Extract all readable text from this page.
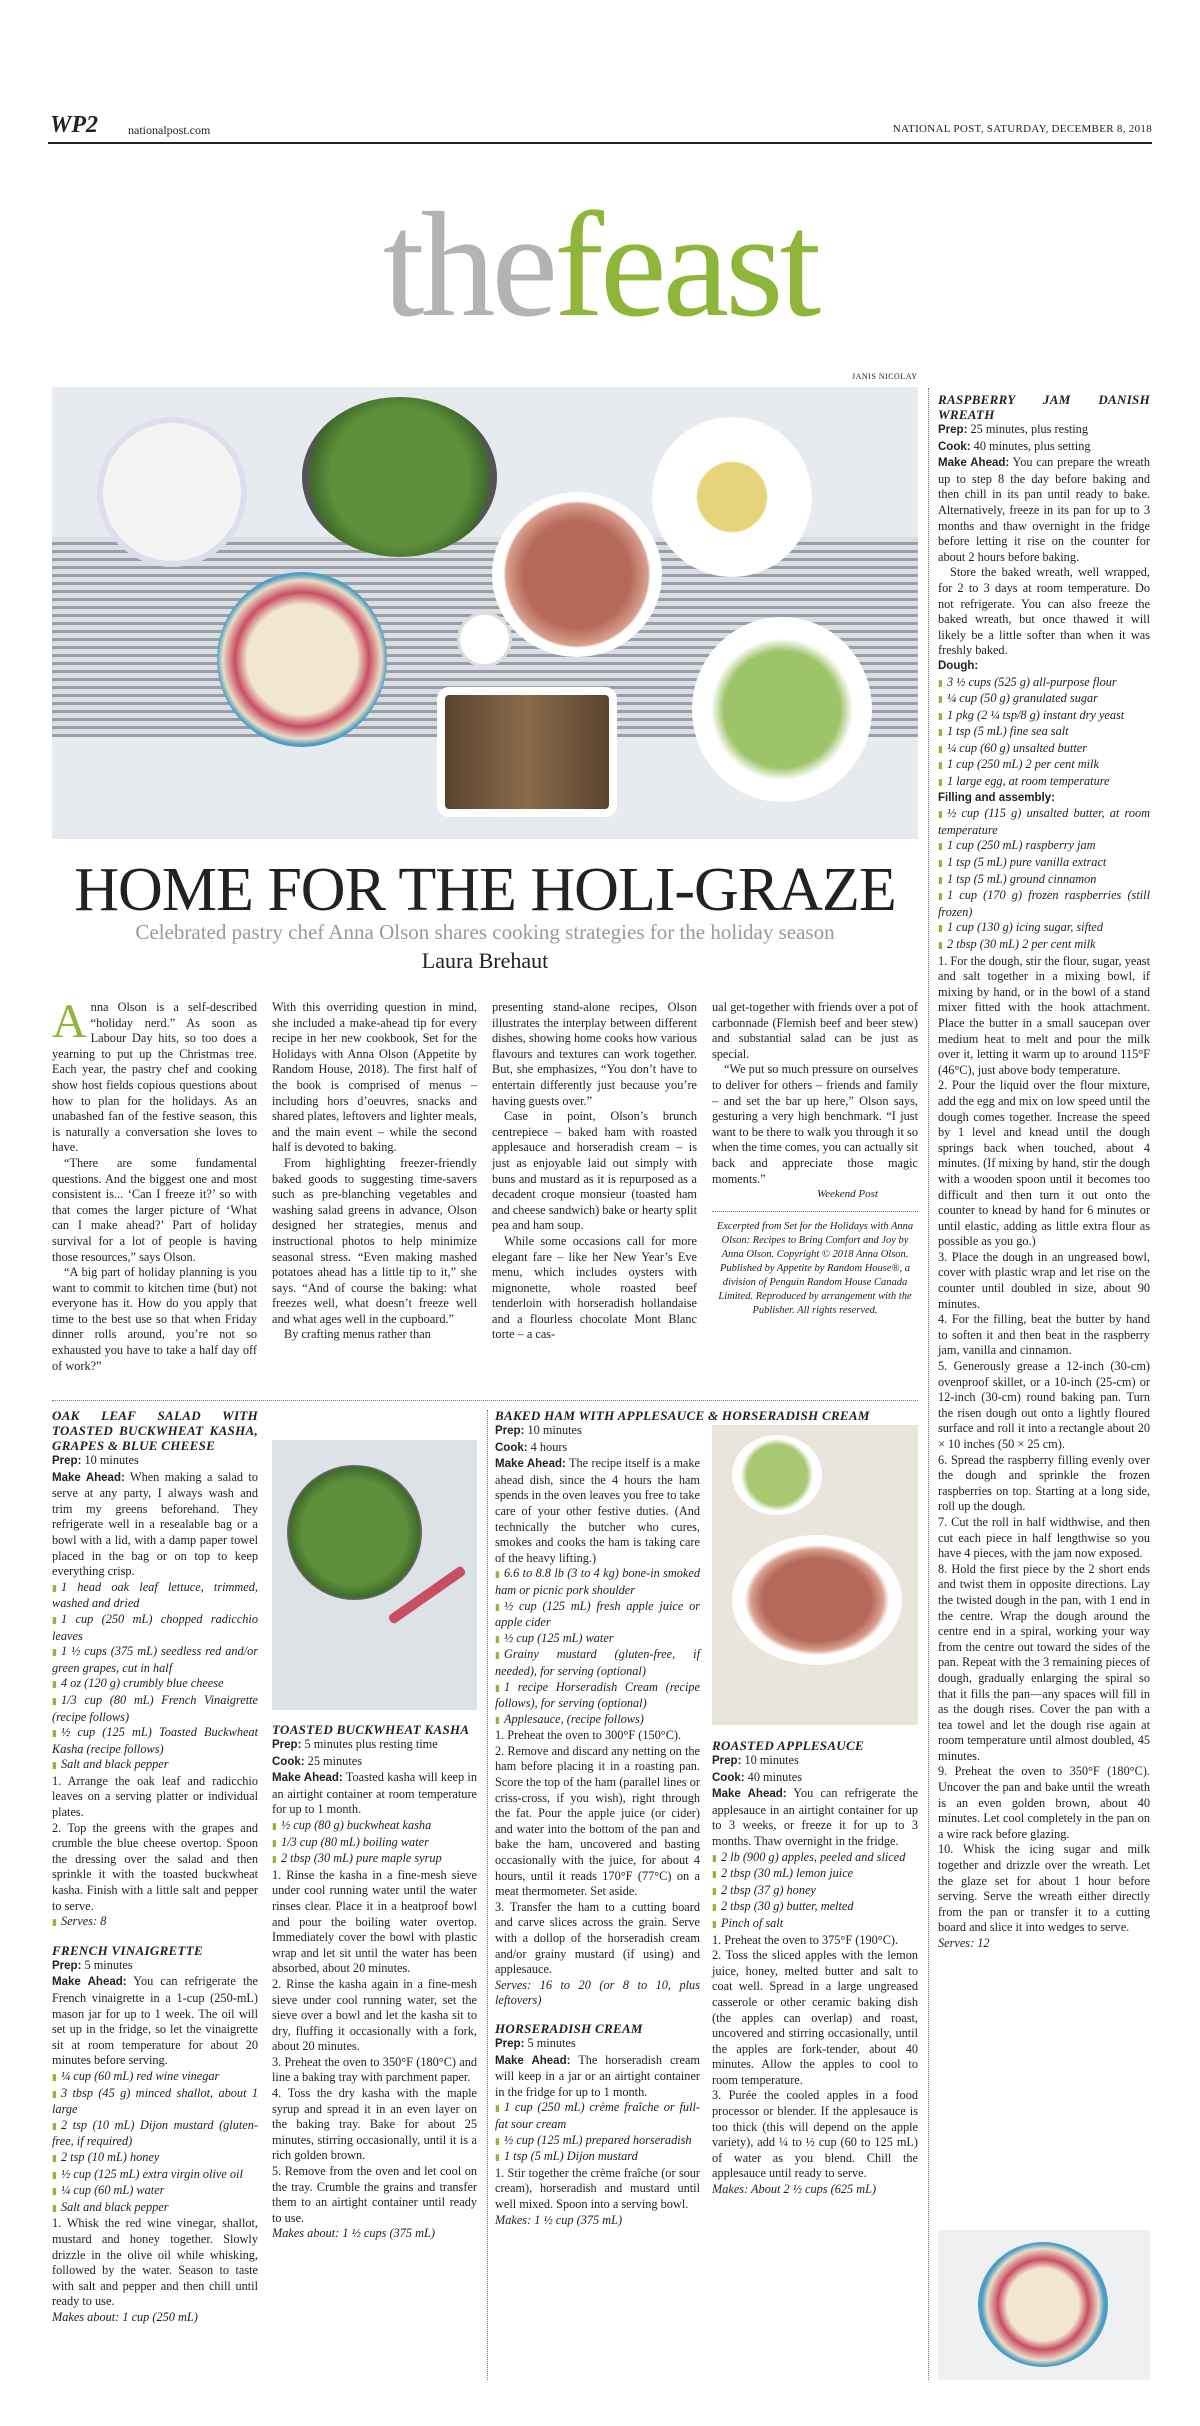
WP2	nationalpost.com	NATIONAL POST, SATURDAY, DECEMBER 8, 2018
thefeast
JANIS NICOLAY
HOME FOR THE HOLI-GRAZE
Celebrated pastry chef Anna Olson shares cooking strategies for the holiday season
Laura Brehaut

Anna Olson is a self-described “holiday nerd.” As soon as Labour Day hits, so too does a yearning to put up the Christmas tree. Each year, the pastry chef and cooking show host fields copious questions about how to plan for the holidays. As an unabashed fan of the festive season, this is naturally a conversation she loves to have.

“There are some fundamental questions. And the biggest one and most consistent is... ‘Can I freeze it?’ so with that comes the larger picture of ‘What can I make ahead?’ Part of holiday survival for a lot of people is having those resources,” says Olson.

“A big part of holiday planning is you want to commit to kitchen time (but) not everyone has it. How do you apply that time to the best use so that when Friday dinner rolls around, you’re not so exhausted you have to take a half day off of work?”

With this overriding question in mind, she included a make-ahead tip for every recipe in her new cookbook, Set for the Holidays with Anna Olson (Appetite by Random House, 2018). The first half of the book is comprised of menus – including hors d’oeuvres, snacks and shared plates, leftovers and lighter meals, and the main event – while the second half is devoted to baking.

From highlighting freezer-friendly baked goods to suggesting time-savers such as pre-blanching vegetables and washing salad greens in advance, Olson designed her strategies, menus and instructional photos to help minimize seasonal stress. “Even making mashed potatoes ahead has a little tip to it,” she says. “And of course the baking: what freezes well, what doesn’t freeze well and what ages well in the cupboard.”

By crafting menus rather than

presenting stand-alone recipes, Olson illustrates the interplay between different dishes, showing home cooks how various flavours and textures can work together. But, she emphasizes, “You don’t have to entertain differently just because you’re having guests over.”

Case in point, Olson’s brunch centrepiece – baked ham with roasted applesauce and horseradish cream – is just as enjoyable laid out simply with buns and mustard as it is repurposed as a decadent croque monsieur (toasted ham and cheese sandwich) bake or hearty split pea and ham soup.

While some occasions call for more elegant fare – like her New Year’s Eve menu, which includes oysters with mignonette, whole roasted beef tenderloin with horseradish hollandaise and a flourless chocolate Mont Blanc torte – a cas-

ual get-together with friends over a pot of carbonnade (Flemish beef and beer stew) and substantial salad can be just as special.

“We put so much pressure on ourselves to deliver for others – friends and family – and set the bar up here,” Olson says, gesturing a very high benchmark. “I just want to be there to walk you through it so when the time comes, you can actually sit back and appreciate those magic moments.”

Weekend Post

Excerpted from Set for the Holidays with Anna Olson: Recipes to Bring Comfort and Joy by Anna Olson. Copyright © 2018 Anna Olson. Published by Appetite by Random House®, a division of Penguin Random House Canada Limited. Reproduced by arrangement with the Publisher. All rights reserved.
OAK LEAF SALAD WITH TOASTED BUCKWHEAT KASHA, GRAPES & BLUE CHEESE
Prep: 10 minutes
Make Ahead: When making a salad to serve at any party, I always wash and trim my greens beforehand. They refrigerate well in a resealable bag or a bowl with a lid, with a damp paper towel placed in the bag or on top to keep everything crisp.
▮ 1 head oak leaf lettuce, trimmed, washed and dried
▮ 1 cup (250 mL) chopped radicchio leaves
▮ 1 ½ cups (375 mL) seedless red and/or green grapes, cut in half
▮ 4 oz (120 g) crumbly blue cheese
▮ 1/3 cup (80 mL) French Vinaigrette (recipe follows)
▮ ½ cup (125 mL) Toasted Buckwheat Kasha (recipe follows)
▮ Salt and black pepper
1. Arrange the oak leaf and radicchio leaves on a serving platter or individual plates.
2. Top the greens with the grapes and crumble the blue cheese overtop. Spoon the dressing over the salad and then sprinkle it with the toasted buckwheat kasha. Finish with a little salt and pepper to serve.
▮ Serves: 8
FRENCH VINAIGRETTE
Prep: 5 minutes
Make Ahead: You can refrigerate the French vinaigrette in a 1-cup (250-mL) mason jar for up to 1 week. The oil will set up in the fridge, so let the vinaigrette sit at room temperature for about 20 minutes before serving.
▮ ¼ cup (60 mL) red wine vinegar
▮ 3 tbsp (45 g) minced shallot, about 1 large
▮ 2 tsp (10 mL) Dijon mustard (gluten-free, if required)
▮ 2 tsp (10 mL) honey
▮ ½ cup (125 mL) extra virgin olive oil
▮ ¼ cup (60 mL) water
▮ Salt and black pepper
1. Whisk the red wine vinegar, shallot, mustard and honey together. Slowly drizzle in the olive oil while whisking, followed by the water. Season to taste with salt and pepper and then chill until ready to use.
Makes about: 1 cup (250 mL)
TOASTED BUCKWHEAT KASHA
Prep: 5 minutes plus resting time
Cook: 25 minutes
Make Ahead: Toasted kasha will keep in an airtight container at room temperature for up to 1 month.
▮ ½ cup (80 g) buckwheat kasha
▮ 1/3 cup (80 mL) boiling water
▮ 2 tbsp (30 mL) pure maple syrup
1. Rinse the kasha in a fine-mesh sieve under cool running water until the water rinses clear. Place it in a heatproof bowl and pour the boiling water overtop. Immediately cover the bowl with plastic wrap and let sit until the water has been absorbed, about 20 minutes.
2. Rinse the kasha again in a fine-mesh sieve under cool running water, set the sieve over a bowl and let the kasha sit to dry, fluffing it occasionally with a fork, about 20 minutes.
3. Preheat the oven to 350°F (180°C) and line a baking tray with parchment paper.
4. Toss the dry kasha with the maple syrup and spread it in an even layer on the baking tray. Bake for about 25 minutes, stirring occasionally, until it is a rich golden brown.
5. Remove from the oven and let cool on the tray. Crumble the grains and transfer them to an airtight container until ready to use.
Makes about: 1 ½ cups (375 mL)
BAKED HAM WITH APPLESAUCE & HORSERADISH CREAM
Prep: 10 minutes
Cook: 4 hours
Make Ahead: The recipe itself is a make ahead dish, since the 4 hours the ham spends in the oven leaves you free to take care of your other festive duties. (And technically the butcher who cures, smokes and cooks the ham is taking care of the heavy lifting.)
▮ 6.6 to 8.8 lb (3 to 4 kg) bone-in smoked ham or picnic pork shoulder
▮ ½ cup (125 mL) fresh apple juice or apple cider
▮ ½ cup (125 mL) water
▮ Grainy mustard (gluten-free, if needed), for serving (optional)
▮ 1 recipe Horseradish Cream (recipe follows), for serving (optional)
▮ Applesauce, (recipe follows)
1. Preheat the oven to 300°F (150°C).
2. Remove and discard any netting on the ham before placing it in a roasting pan. Score the top of the ham (parallel lines or criss-cross, if you wish), right through the fat. Pour the apple juice (or cider) and water into the bottom of the pan and bake the ham, uncovered and basting occasionally with the juice, for about 4 hours, until it reads 170°F (77°C) on a meat thermometer. Set aside.
3. Transfer the ham to a cutting board and carve slices across the grain. Serve with a dollop of the horseradish cream and/or grainy mustard (if using) and applesauce.
Serves: 16 to 20 (or 8 to 10, plus leftovers)
HORSERADISH CREAM
Prep: 5 minutes
Make Ahead: The horseradish cream will keep in a jar or an airtight container in the fridge for up to 1 month.
▮ 1 cup (250 mL) crème fraîche or full-fat sour cream
▮ ½ cup (125 mL) prepared horseradish
▮ 1 tsp (5 mL) Dijon mustard
1. Stir together the crème fraîche (or sour cream), horseradish and mustard until well mixed. Spoon into a serving bowl.
Makes: 1 ½ cup (375 mL)
ROASTED APPLESAUCE
Prep: 10 minutes
Cook: 40 minutes
Make Ahead: You can refrigerate the applesauce in an airtight container for up to 3 weeks, or freeze it for up to 3 months. Thaw overnight in the fridge.
▮ 2 lb (900 g) apples, peeled and sliced
▮ 2 tbsp (30 mL) lemon juice
▮ 2 tbsp (37 g) honey
▮ 2 tbsp (30 g) butter, melted
▮ Pinch of salt
1. Preheat the oven to 375°F (190°C).
2. Toss the sliced apples with the lemon juice, honey, melted butter and salt to coat well. Spread in a large ungreased casserole or other ceramic baking dish (the apples can overlap) and roast, uncovered and stirring occasionally, until the apples are fork-tender, about 40 minutes. Allow the apples to cool to room temperature.
3. Purée the cooled apples in a food processor or blender. If the applesauce is too thick (this will depend on the apple variety), add ¼ to ½ cup (60 to 125 mL) of water as you blend. Chill the applesauce until ready to serve.
Makes: About 2 ½ cups (625 mL)
RASPBERRY JAM DANISH WREATH
Prep: 25 minutes, plus resting
Cook: 40 minutes, plus setting
Make Ahead: You can prepare the wreath up to step 8 the day before baking and then chill in its pan until ready to bake. Alternatively, freeze in its pan for up to 3 months and thaw overnight in the fridge before letting it rise on the counter for about 2 hours before baking.

Store the baked wreath, well wrapped, for 2 to 3 days at room temperature. Do not refrigerate. You can also freeze the baked wreath, but once thawed it will likely be a little softer than when it was freshly baked.

Dough:
▮ 3 ½ cups (525 g) all-purpose flour
▮ ¼ cup (50 g) granulated sugar
▮ 1 pkg (2 ¼ tsp/8 g) instant dry yeast
▮ 1 tsp (5 mL) fine sea salt
▮ ¼ cup (60 g) unsalted butter
▮ 1 cup (250 mL) 2 per cent milk
▮ 1 large egg, at room temperature
Filling and assembly:
▮ ½ cup (115 g) unsalted butter, at room temperature
▮ 1 cup (250 mL) raspberry jam
▮ 1 tsp (5 mL) pure vanilla extract
▮ 1 tsp (5 mL) ground cinnamon
▮ 1 cup (170 g) frozen raspberries (still frozen)
▮ 1 cup (130 g) icing sugar, sifted
▮ 2 tbsp (30 mL) 2 per cent milk
1. For the dough, stir the flour, sugar, yeast and salt together in a mixing bowl, if mixing by hand, or in the bowl of a stand mixer fitted with the hook attachment. Place the butter in a small saucepan over medium heat to melt and pour the milk over it, letting it warm up to around 115°F (46°C), just above body temperature.
2. Pour the liquid over the flour mixture, add the egg and mix on low speed until the dough comes together. Increase the speed by 1 level and knead until the dough springs back when touched, about 4 minutes. (If mixing by hand, stir the dough with a wooden spoon until it becomes too difficult and then turn it out onto the counter to knead by hand for 6 minutes or until elastic, adding as little extra flour as possible as you go.)
3. Place the dough in an ungreased bowl, cover with plastic wrap and let rise on the counter until doubled in size, about 90 minutes.
4. For the filling, beat the butter by hand to soften it and then beat in the raspberry jam, vanilla and cinnamon.
5. Generously grease a 12-inch (30-cm) ovenproof skillet, or a 10-inch (25-cm) or 12-inch (30-cm) round baking pan. Turn the risen dough out onto a lightly floured surface and roll it into a rectangle about 20 × 10 inches (50 × 25 cm).
6. Spread the raspberry filling evenly over the dough and sprinkle the frozen raspberries on top. Starting at a long side, roll up the dough.
7. Cut the roll in half widthwise, and then cut each piece in half lengthwise so you have 4 pieces, with the jam now exposed.
8. Hold the first piece by the 2 short ends and twist them in opposite directions. Lay the twisted dough in the pan, with 1 end in the centre. Wrap the dough around the centre end in a spiral, working your way from the centre out toward the sides of the pan. Repeat with the 3 remaining pieces of dough, gradually enlarging the spiral so that it fills the pan—any spaces will fill in as the dough rises. Cover the pan with a tea towel and let the dough rise again at room temperature until almost doubled, 45 minutes.
9. Preheat the oven to 350°F (180°C). Uncover the pan and bake until the wreath is an even golden brown, about 40 minutes. Let cool completely in the pan on a wire rack before glazing.
10. Whisk the icing sugar and milk together and drizzle over the wreath. Let the glaze set for about 1 hour before serving. Serve the wreath either directly from the pan or transfer it to a cutting board and slice it into wedges to serve.
Serves: 12
